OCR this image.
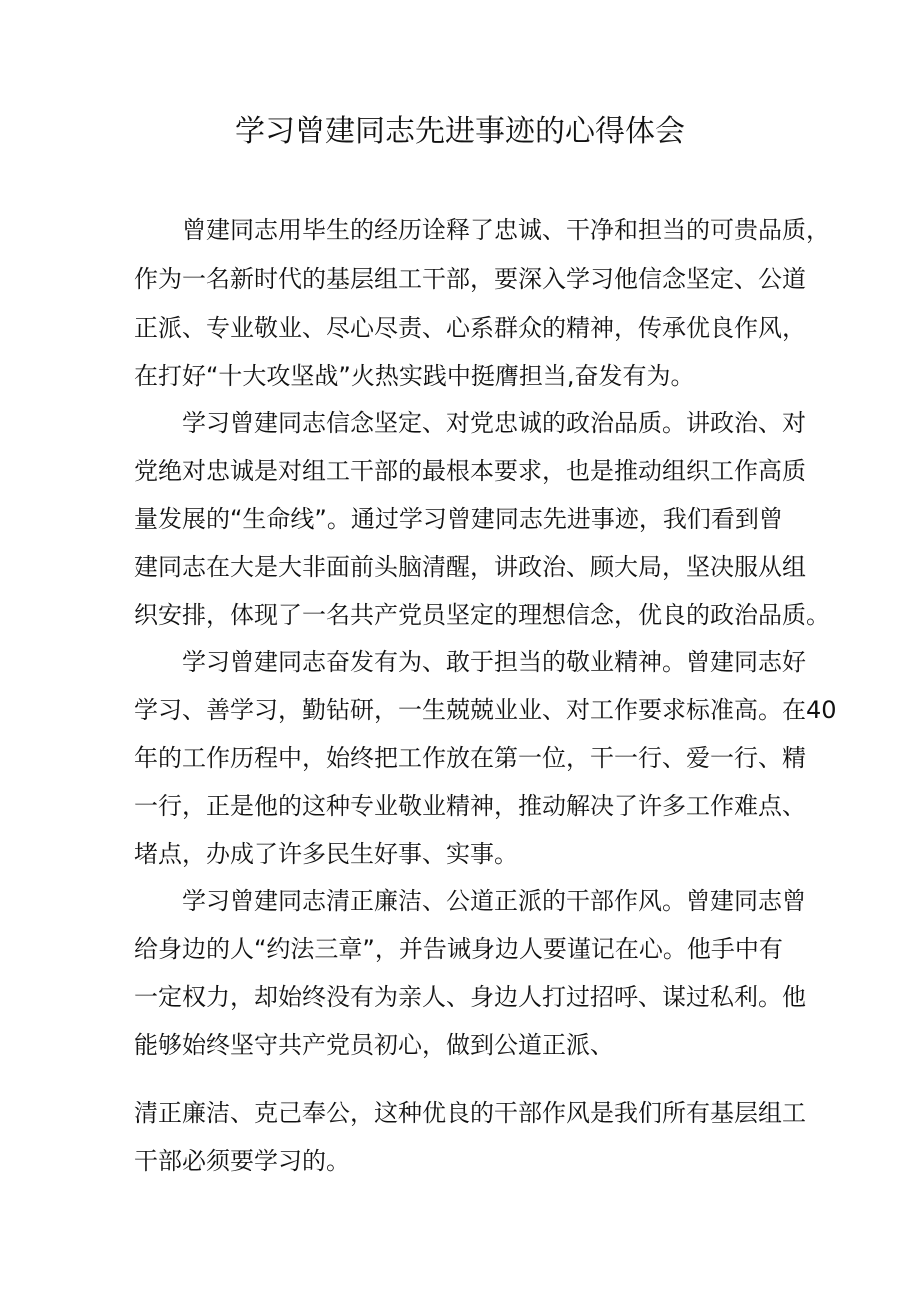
学习曾建同志先进事迹的心得体会

曾建同志用毕生的经历诠释了忠诚、干净和担当的可贵品质，

作为一名新时代的基层组工干部，要深入学习他信念坚定、公道

正派、专业敬业、尽心尽责、心系群众的精神，传承优良作风，

在打好“十大攻坚战”火热实践中挺膺担当,奋发有为。

学习曾建同志信念坚定、对党忠诚的政治品质。讲政治、对

党绝对忠诚是对组工干部的最根本要求，也是推动组织工作高质

量发展的“生命线”。通过学习曾建同志先进事迹，我们看到曾

建同志在大是大非面前头脑清醒，讲政治、顾大局，坚决服从组

织安排，体现了一名共产党员坚定的理想信念，优良的政治品质。

学习曾建同志奋发有为、敢于担当的敬业精神。曾建同志好

学习、善学习，勤钻研，一生兢兢业业、对工作要求标准高。在40

年的工作历程中，始终把工作放在第一位，干一行、爱一行、精

一行，正是他的这种专业敬业精神，推动解决了许多工作难点、

堵点，办成了许多民生好事、实事。

学习曾建同志清正廉洁、公道正派的干部作风。曾建同志曾

给身边的人“约法三章”，并告诫身边人要谨记在心。他手中有

一定权力，却始终没有为亲人、身边人打过招呼、谋过私利。他

能够始终坚守共产党员初心，做到公道正派、

清正廉洁、克己奉公，这种优良的干部作风是我们所有基层组工

干部必须要学习的。
